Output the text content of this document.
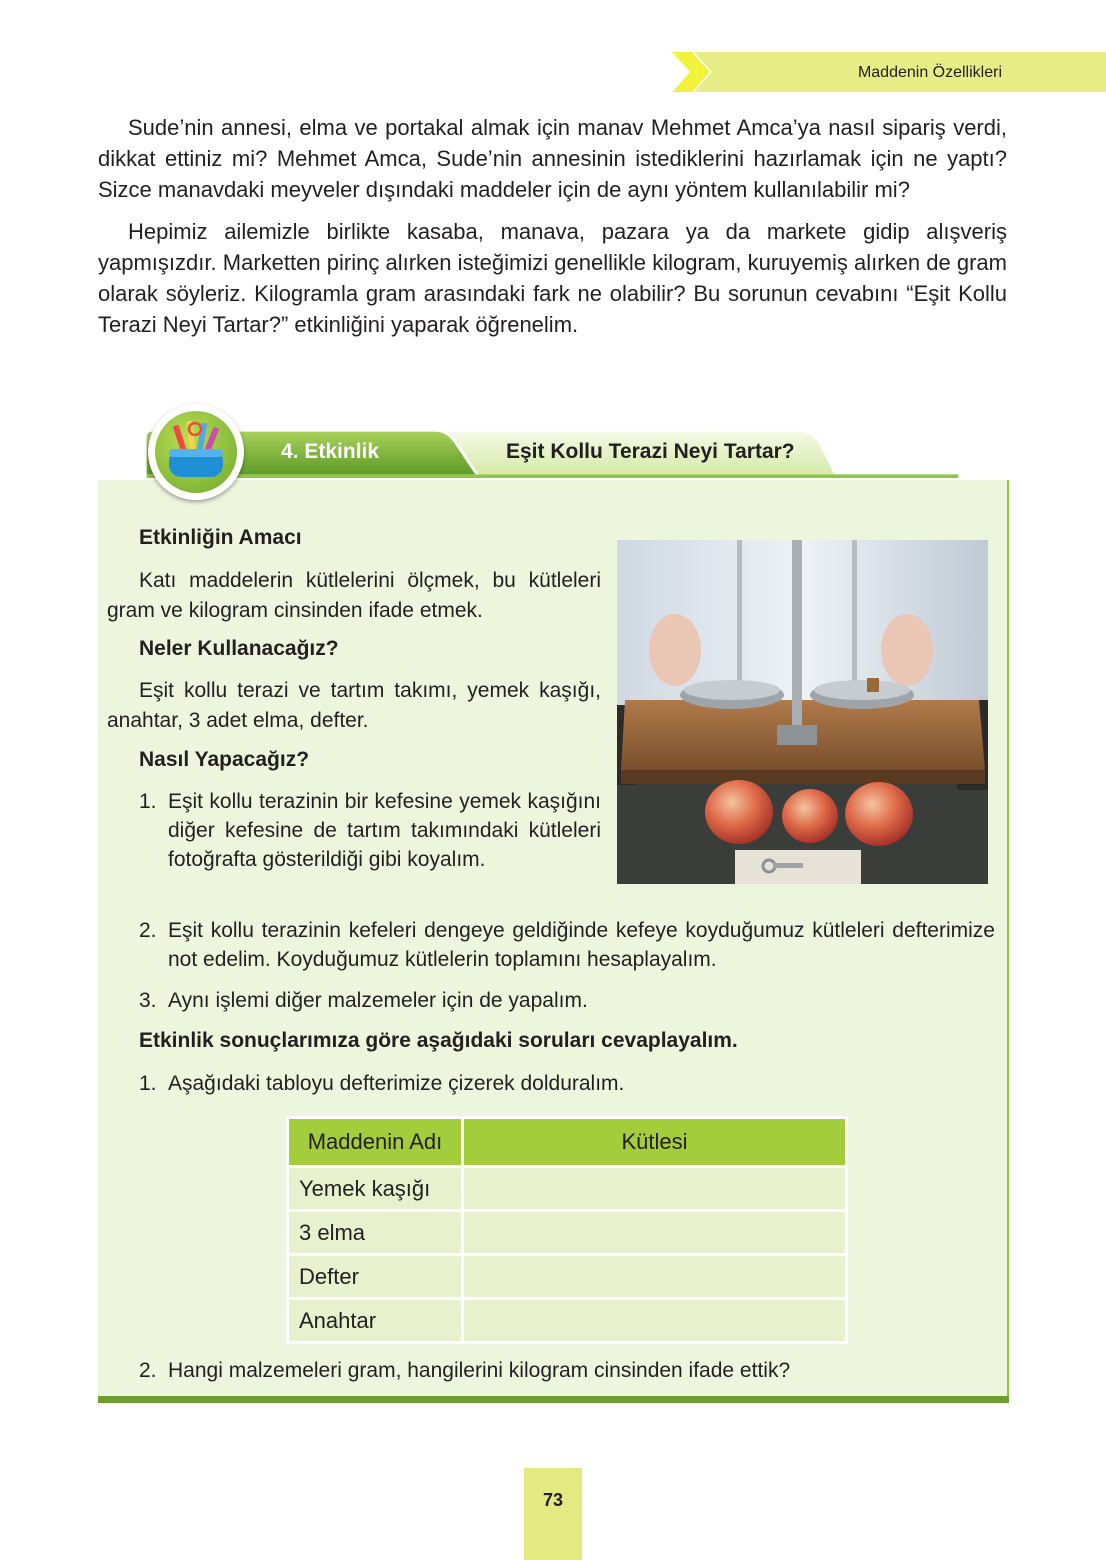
Maddenin Özellikleri

Sude’nin annesi, elma ve portakal almak için manav Mehmet Amca’ya nasıl sipariş verdi, dikkat ettiniz mi? Mehmet Amca, Sude’nin annesinin istediklerini hazırlamak için ne yaptı? Sizce manavdaki meyveler dışındaki maddeler için de aynı yöntem kullanılabilir mi?

Hepimiz ailemizle birlikte kasaba, manava, pazara ya da markete gidip alışveriş yapmışızdır. Marketten pirinç alırken isteğimizi genellikle kilogram, kuruyemiş alırken de gram olarak söyleriz. Kilogramla gram arasındaki fark ne olabilir? Bu sorunun cevabını “Eşit Kollu Terazi Neyi Tartar?” etkinliğini yaparak öğrenelim.

4. Etkinlik	Eşit Kollu Terazi Neyi Tartar?
Etkinliğin Amacı
Katı maddelerin kütlelerini ölçmek, bu kütleleri gram ve kilogram cinsinden ifade etmek.
Neler Kullanacağız?
Eşit kollu terazi ve tartım takımı, yemek kaşığı, anahtar, 3 adet elma, defter.
Nasıl Yapacağız?
1. Eşit kollu terazinin bir kefesine yemek kaşığını diğer kefesine de tartım takımındaki kütleleri fotoğrafta gösterildiği gibi koyalım.
2. Eşit kollu terazinin kefeleri dengeye geldiğinde kefeye koyduğumuz kütleleri defterimize not edelim. Koyduğumuz kütlelerin toplamını hesaplayalım.
3. Aynı işlemi diğer malzemeler için de yapalım.
Etkinlik sonuçlarımıza göre aşağıdaki soruları cevaplayalım.
1. Aşağıdaki tabloyu defterimize çizerek dolduralım.
Maddenin Adı	Kütlesi
Yemek kaşığı	
3 elma	
Defter	
Anahtar	
2. Hangi malzemeleri gram, hangilerini kilogram cinsinden ifade ettik?
73
